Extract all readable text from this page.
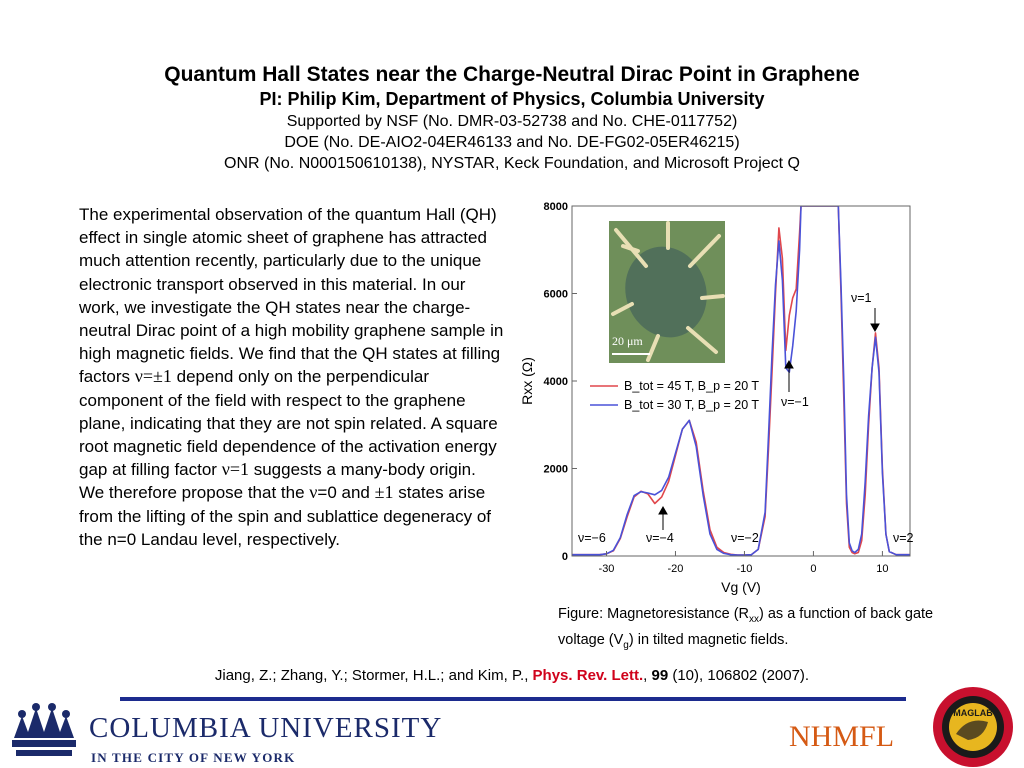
Quantum Hall States near the Charge-Neutral Dirac Point in Graphene
PI: Philip Kim, Department of Physics, Columbia University
Supported by NSF (No. DMR-03-52738 and No. CHE-0117752)
DOE (No. DE-AIO2-04ER46133 and No. DE-FG02-05ER46215)
ONR (No. N000150610138), NYSTAR, Keck Foundation, and Microsoft Project Q
The experimental observation of the quantum Hall (QH) effect in single atomic sheet of graphene has attracted much attention recently, particularly due to the unique electronic transport observed in this material. In our work, we investigate the QH states near the charge-neutral Dirac point of a high mobility graphene sample in high magnetic fields. We find that the QH states at filling factors ν=±1 depend only on the perpendicular component of the field with respect to the graphene plane, indicating that they are not spin related. A square root magnetic field dependence of the activation energy gap at filling factor ν=1 suggests a many-body origin. We therefore propose that the ν=0 and ±1 states arise from the lifting of the spin and sublattice degeneracy of the n=0 Landau level, respectively.
-30	-20	-10	0	10
0
2000
4000
6000
8000
Vg (V)
Rxx (Ω)
20 μm
B_tot = 45 T, B_p = 20 T
B_tot = 30 T, B_p = 20 T
ν=−6	ν=−4	ν=−2
ν=−1
ν=1
ν=2
Figure: Magnetoresistance $(R_{xx})$ as a function of back gate voltage $(V_g)$ in tilted magnetic fields.
Jiang, Z.; Zhang, Y.; Stormer, H.L.; and Kim, P., Phys. Rev. Lett., 99 (10), 106802 (2007).
COLUMBIA UNIVERSITY
IN THE CITY OF NEW YORK
NHMFL
MAGLAB
